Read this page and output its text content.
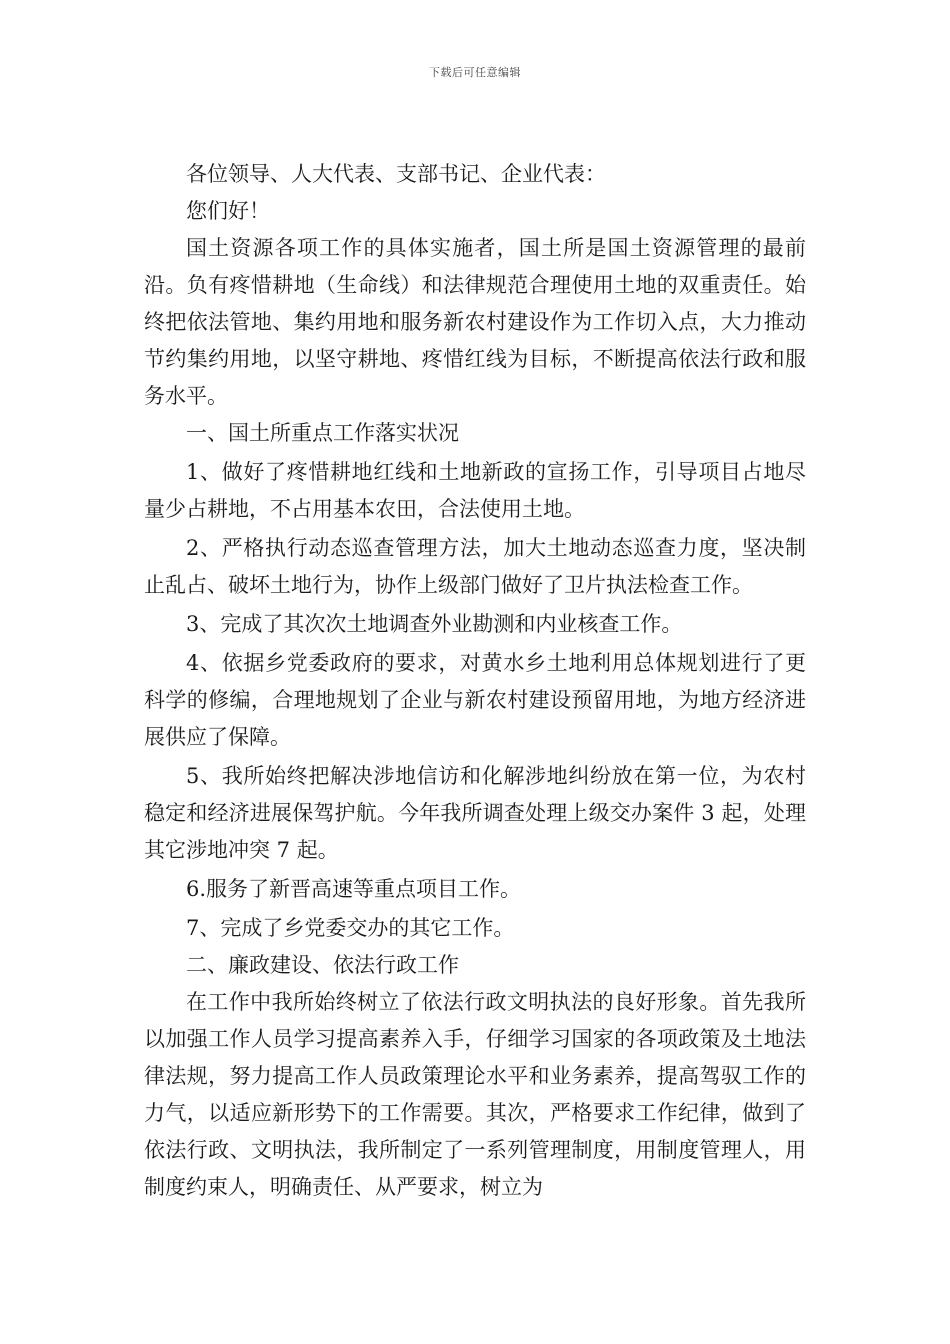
下载后可任意编辑

各位领导、人大代表、支部书记、企业代表：

您们好！

国土资源各项工作的具体实施者，国土所是国土资源管理的最前沿。负有疼惜耕地（生命线）和法律规范合理使用土地的双重责任。始终把依法管地、集约用地和服务新农村建设作为工作切入点，大力推动节约集约用地，以坚守耕地、疼惜红线为目标，不断提高依法行政和服务水平。

一、国土所重点工作落实状况

1、做好了疼惜耕地红线和土地新政的宣扬工作，引导项目占地尽量少占耕地，不占用基本农田，合法使用土地。

2、严格执行动态巡查管理方法，加大土地动态巡查力度，坚决制止乱占、破坏土地行为，协作上级部门做好了卫片执法检查工作。

3、完成了其次次土地调查外业勘测和内业核查工作。

4、依据乡党委政府的要求，对黄水乡土地利用总体规划进行了更科学的修编，合理地规划了企业与新农村建设预留用地，为地方经济进展供应了保障。

5、我所始终把解决涉地信访和化解涉地纠纷放在第一位，为农村稳定和经济进展保驾护航。今年我所调查处理上级交办案件 3 起，处理其它涉地冲突 7 起。

6.服务了新晋高速等重点项目工作。

7、完成了乡党委交办的其它工作。

二、廉政建设、依法行政工作

在工作中我所始终树立了依法行政文明执法的良好形象。首先我所以加强工作人员学习提高素养入手，仔细学习国家的各项政策及土地法律法规，努力提高工作人员政策理论水平和业务素养，提高驾驭工作的力气，以适应新形势下的工作需要。其次，严格要求工作纪律，做到了依法行政、文明执法，我所制定了一系列管理制度，用制度管理人，用制度约束人，明确责任、从严要求，树立为
